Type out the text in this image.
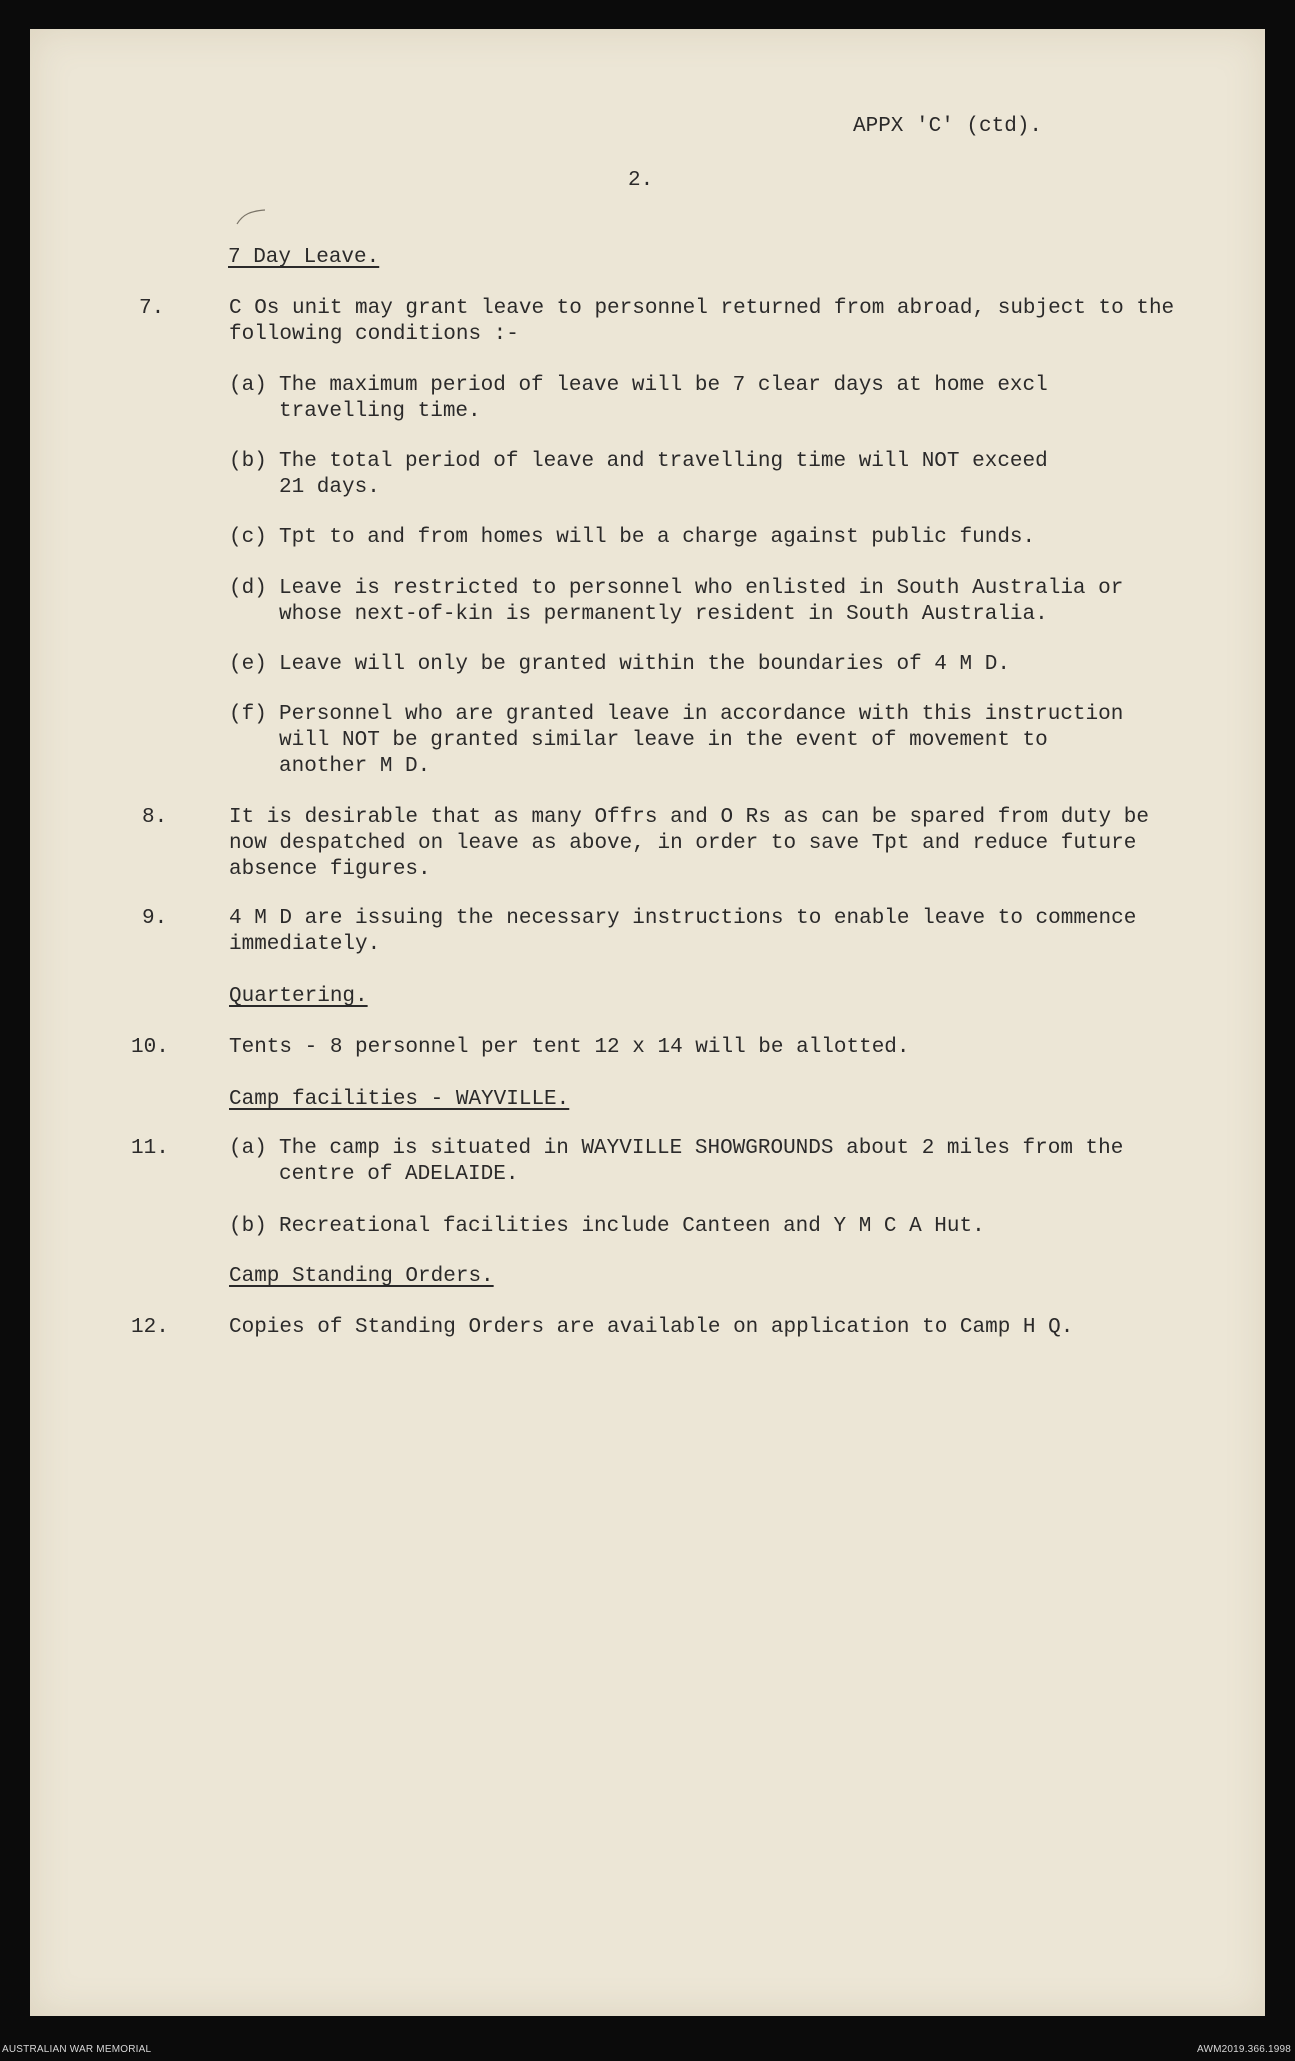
APPX 'C' (ctd).
2.
7 Day Leave.
7.	C Os unit may grant leave to personnel returned from abroad, subject to the
following conditions :-
(a) The maximum period of leave will be 7 clear days at home excl
travelling time.
(b) The total period of leave and travelling time will NOT exceed
21 days.
(c) Tpt to and from homes will be a charge against public funds.
(d) Leave is restricted to personnel who enlisted in South Australia or
whose next-of-kin is permanently resident in South Australia.
(e) Leave will only be granted within the boundaries of 4 M D.
(f) Personnel who are granted leave in accordance with this instruction
will NOT be granted similar leave in the event of movement to
another M D.
8.	It is desirable that as many Offrs and O Rs as can be spared from duty be
now despatched on leave as above, in order to save Tpt and reduce future
absence figures.
9.	4 M D are issuing the necessary instructions to enable leave to commence
immediately.
Quartering.
10.	Tents - 8 personnel per tent 12 x 14 will be allotted.
Camp facilities - WAYVILLE.
11.	(a) The camp is situated in WAYVILLE SHOWGROUNDS about 2 miles from the
centre of ADELAIDE.
(b) Recreational facilities include Canteen and Y M C A Hut.
Camp Standing Orders.
12.	Copies of Standing Orders are available on application to Camp H Q.
AUSTRALIAN WAR MEMORIAL	AWM2019.366.1998
